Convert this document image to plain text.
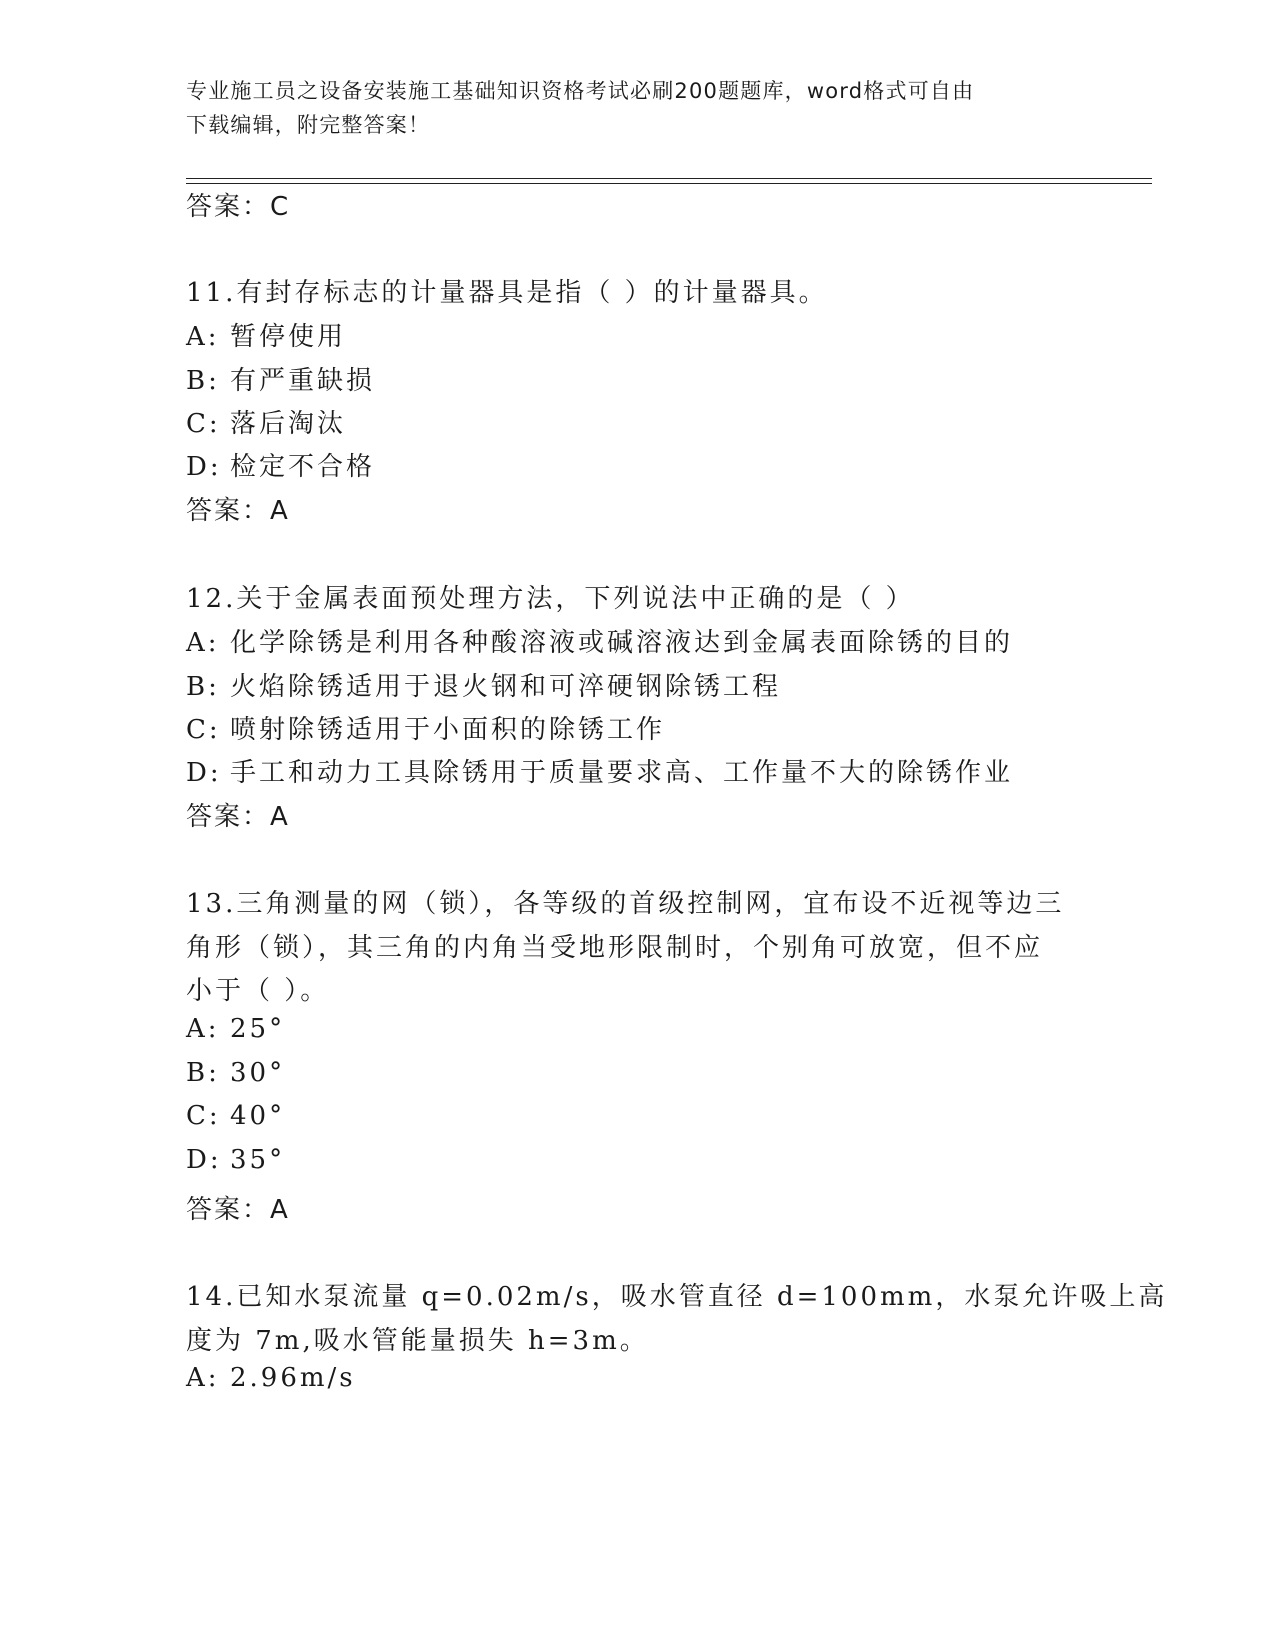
专业施工员之设备安装施工基础知识资格考试必刷200题题库，word格式可自由
下载编辑，附完整答案！
答案：C
11.有封存标志的计量器具是指（ ）的计量器具。
A: 暂停使用
B: 有严重缺损
C: 落后淘汰
D: 检定不合格
答案：A
12.关于金属表面预处理方法，下列说法中正确的是（ ）
A: 化学除锈是利用各种酸溶液或碱溶液达到金属表面除锈的目的
B: 火焰除锈适用于退火钢和可淬硬钢除锈工程
C: 喷射除锈适用于小面积的除锈工作
D: 手工和动力工具除锈用于质量要求高、工作量不大的除锈作业
答案：A
13.三角测量的网（锁），各等级的首级控制网，宜布设不近视等边三
角形（锁），其三角的内角当受地形限制时，个别角可放宽，但不应
小于（ ）。
A: 25°
B: 30°
C: 40°
D: 35°
答案：A
14.已知水泵流量 q=0.02m/s，吸水管直径 d=100mm，水泵允许吸上高
度为 7m,吸水管能量损失 h=3m。
A: 2.96m/s
